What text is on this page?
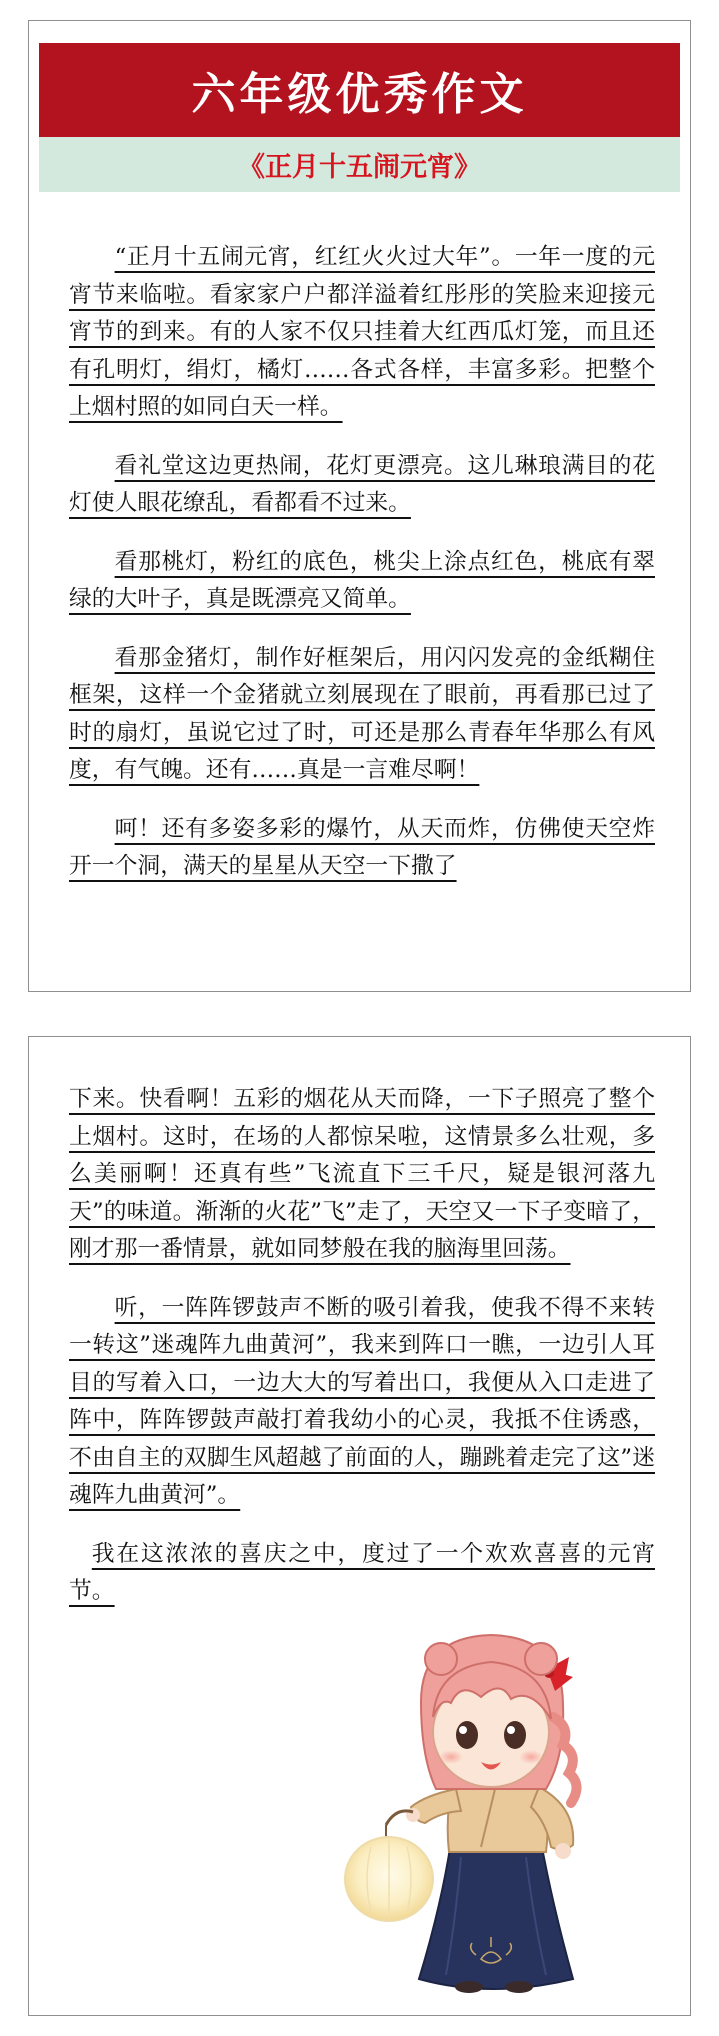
六年级优秀作文
《正月十五闹元宵》

“正月十五闹元宵，红红火火过大年”。一年一度的元宵节来临啦。看家家户户都洋溢着红彤彤的笑脸来迎接元宵节的到来。有的人家不仅只挂着大红西瓜灯笼，而且还有孔明灯，绢灯，橘灯……各式各样，丰富多彩。把整个上烟村照的如同白天一样。

看礼堂这边更热闹，花灯更漂亮。这儿琳琅满目的花灯使人眼花缭乱，看都看不过来。

看那桃灯，粉红的底色，桃尖上涂点红色，桃底有翠绿的大叶子，真是既漂亮又简单。

看那金猪灯，制作好框架后，用闪闪发亮的金纸糊住框架，这样一个金猪就立刻展现在了眼前，再看那已过了时的扇灯，虽说它过了时，可还是那么青春年华那么有风度，有气魄。还有……真是一言难尽啊！

呵！还有多姿多彩的爆竹，从天而炸，仿佛使天空炸开一个洞，满天的星星从天空一下撒了

下来。快看啊！五彩的烟花从天而降，一下子照亮了整个上烟村。这时，在场的人都惊呆啦，这情景多么壮观，多么美丽啊！还真有些”飞流直下三千尺，疑是银河落九天”的味道。渐渐的火花”飞”走了，天空又一下子变暗了，刚才那一番情景，就如同梦般在我的脑海里回荡。

听，一阵阵锣鼓声不断的吸引着我，使我不得不来转一转这”迷魂阵九曲黄河”，我来到阵口一瞧，一边引人耳目的写着入口，一边大大的写着出口，我便从入口走进了阵中，阵阵锣鼓声敲打着我幼小的心灵，我抵不住诱惑，不由自主的双脚生风超越了前面的人，蹦跳着走完了这”迷魂阵九曲黄河”。

我在这浓浓的喜庆之中，度过了一个欢欢喜喜的元宵节。
